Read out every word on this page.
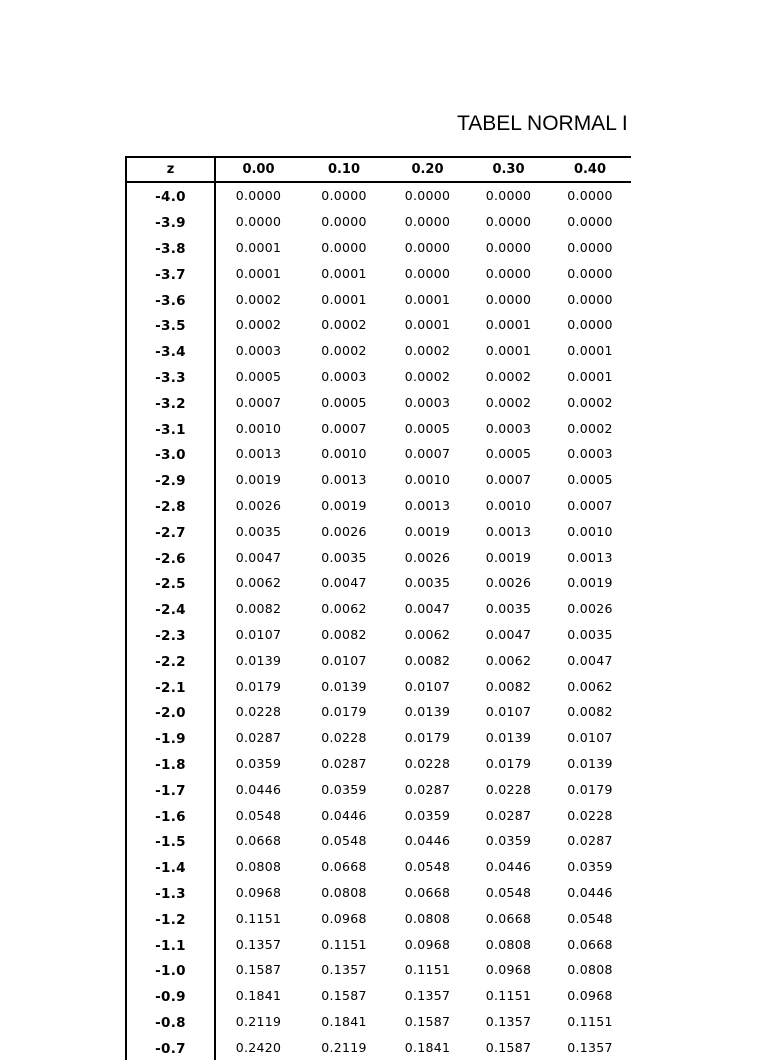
TABEL NORMAL I
z	0.00	0.10	0.20	0.30	0.40
-4.0	0.0000	0.0000	0.0000	0.0000	0.0000
-3.9	0.0000	0.0000	0.0000	0.0000	0.0000
-3.8	0.0001	0.0000	0.0000	0.0000	0.0000
-3.7	0.0001	0.0001	0.0000	0.0000	0.0000
-3.6	0.0002	0.0001	0.0001	0.0000	0.0000
-3.5	0.0002	0.0002	0.0001	0.0001	0.0000
-3.4	0.0003	0.0002	0.0002	0.0001	0.0001
-3.3	0.0005	0.0003	0.0002	0.0002	0.0001
-3.2	0.0007	0.0005	0.0003	0.0002	0.0002
-3.1	0.0010	0.0007	0.0005	0.0003	0.0002
-3.0	0.0013	0.0010	0.0007	0.0005	0.0003
-2.9	0.0019	0.0013	0.0010	0.0007	0.0005
-2.8	0.0026	0.0019	0.0013	0.0010	0.0007
-2.7	0.0035	0.0026	0.0019	0.0013	0.0010
-2.6	0.0047	0.0035	0.0026	0.0019	0.0013
-2.5	0.0062	0.0047	0.0035	0.0026	0.0019
-2.4	0.0082	0.0062	0.0047	0.0035	0.0026
-2.3	0.0107	0.0082	0.0062	0.0047	0.0035
-2.2	0.0139	0.0107	0.0082	0.0062	0.0047
-2.1	0.0179	0.0139	0.0107	0.0082	0.0062
-2.0	0.0228	0.0179	0.0139	0.0107	0.0082
-1.9	0.0287	0.0228	0.0179	0.0139	0.0107
-1.8	0.0359	0.0287	0.0228	0.0179	0.0139
-1.7	0.0446	0.0359	0.0287	0.0228	0.0179
-1.6	0.0548	0.0446	0.0359	0.0287	0.0228
-1.5	0.0668	0.0548	0.0446	0.0359	0.0287
-1.4	0.0808	0.0668	0.0548	0.0446	0.0359
-1.3	0.0968	0.0808	0.0668	0.0548	0.0446
-1.2	0.1151	0.0968	0.0808	0.0668	0.0548
-1.1	0.1357	0.1151	0.0968	0.0808	0.0668
-1.0	0.1587	0.1357	0.1151	0.0968	0.0808
-0.9	0.1841	0.1587	0.1357	0.1151	0.0968
-0.8	0.2119	0.1841	0.1587	0.1357	0.1151
-0.7	0.2420	0.2119	0.1841	0.1587	0.1357
